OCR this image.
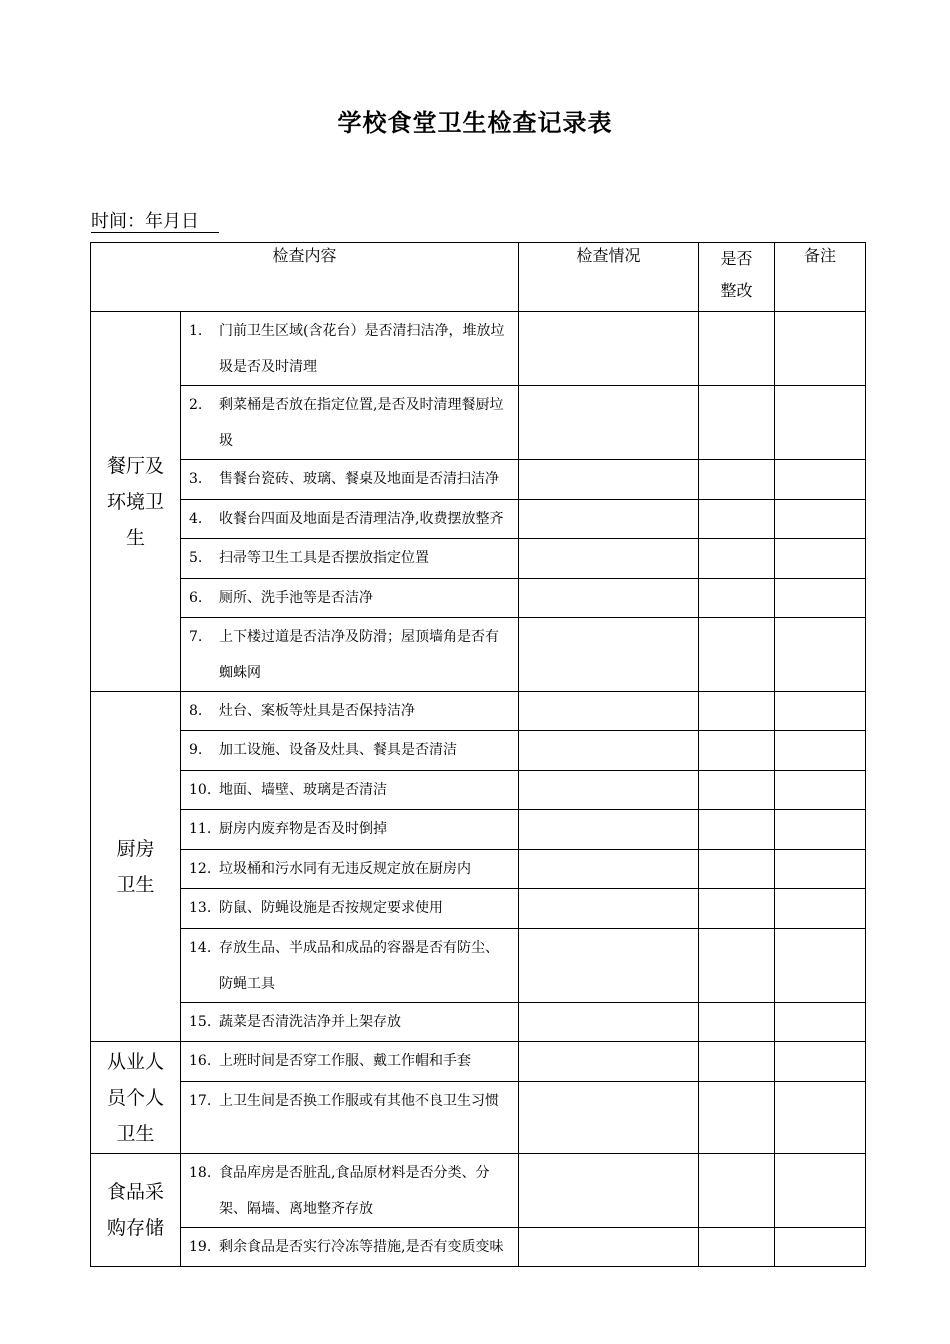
学校食堂卫生检查记录表
时间：年月日
检查内容		检查情况	是否
整改	备注
餐厅及
环境卫
生	1. 门前卫生区域(含花台）是否清扫洁净，堆放垃圾是否及时清理			

	2. 剩菜桶是否放在指定位置,是否及时清理餐厨垃圾			

	3. 售餐台瓷砖、玻璃、餐桌及地面是否清扫洁净			

	4. 收餐台四面及地面是否清理洁净,收费摆放整齐			

	5. 扫帚等卫生工具是否摆放指定位置			

	6. 厕所、洗手池等是否洁净			

	7. 上下楼过道是否洁净及防滑；屋顶墙角是否有蜘蛛网			

厨房
卫生	8. 灶台、案板等灶具是否保持洁净			

	9. 加工设施、设备及灶具、餐具是否清洁			

	10. 地面、墙壁、玻璃是否清洁			

	11. 厨房内废弃物是否及时倒掉			

	12. 垃圾桶和污水同有无违反规定放在厨房内			

	13. 防鼠、防蝇设施是否按规定要求使用			

	14. 存放生品、半成品和成品的容器是否有防尘、防蝇工具			

	15. 蔬菜是否清洗洁净并上架存放			

从业人
员个人
卫生	16. 上班时间是否穿工作服、戴工作帽和手套			

	17. 上卫生间是否换工作服或有其他不良卫生习惯			

食品采
购存储	18. 食品库房是否脏乱,食品原材料是否分类、分架、隔墙、离地整齐存放			

	19. 剩余食品是否实行冷冻等措施,是否有变质变味			
